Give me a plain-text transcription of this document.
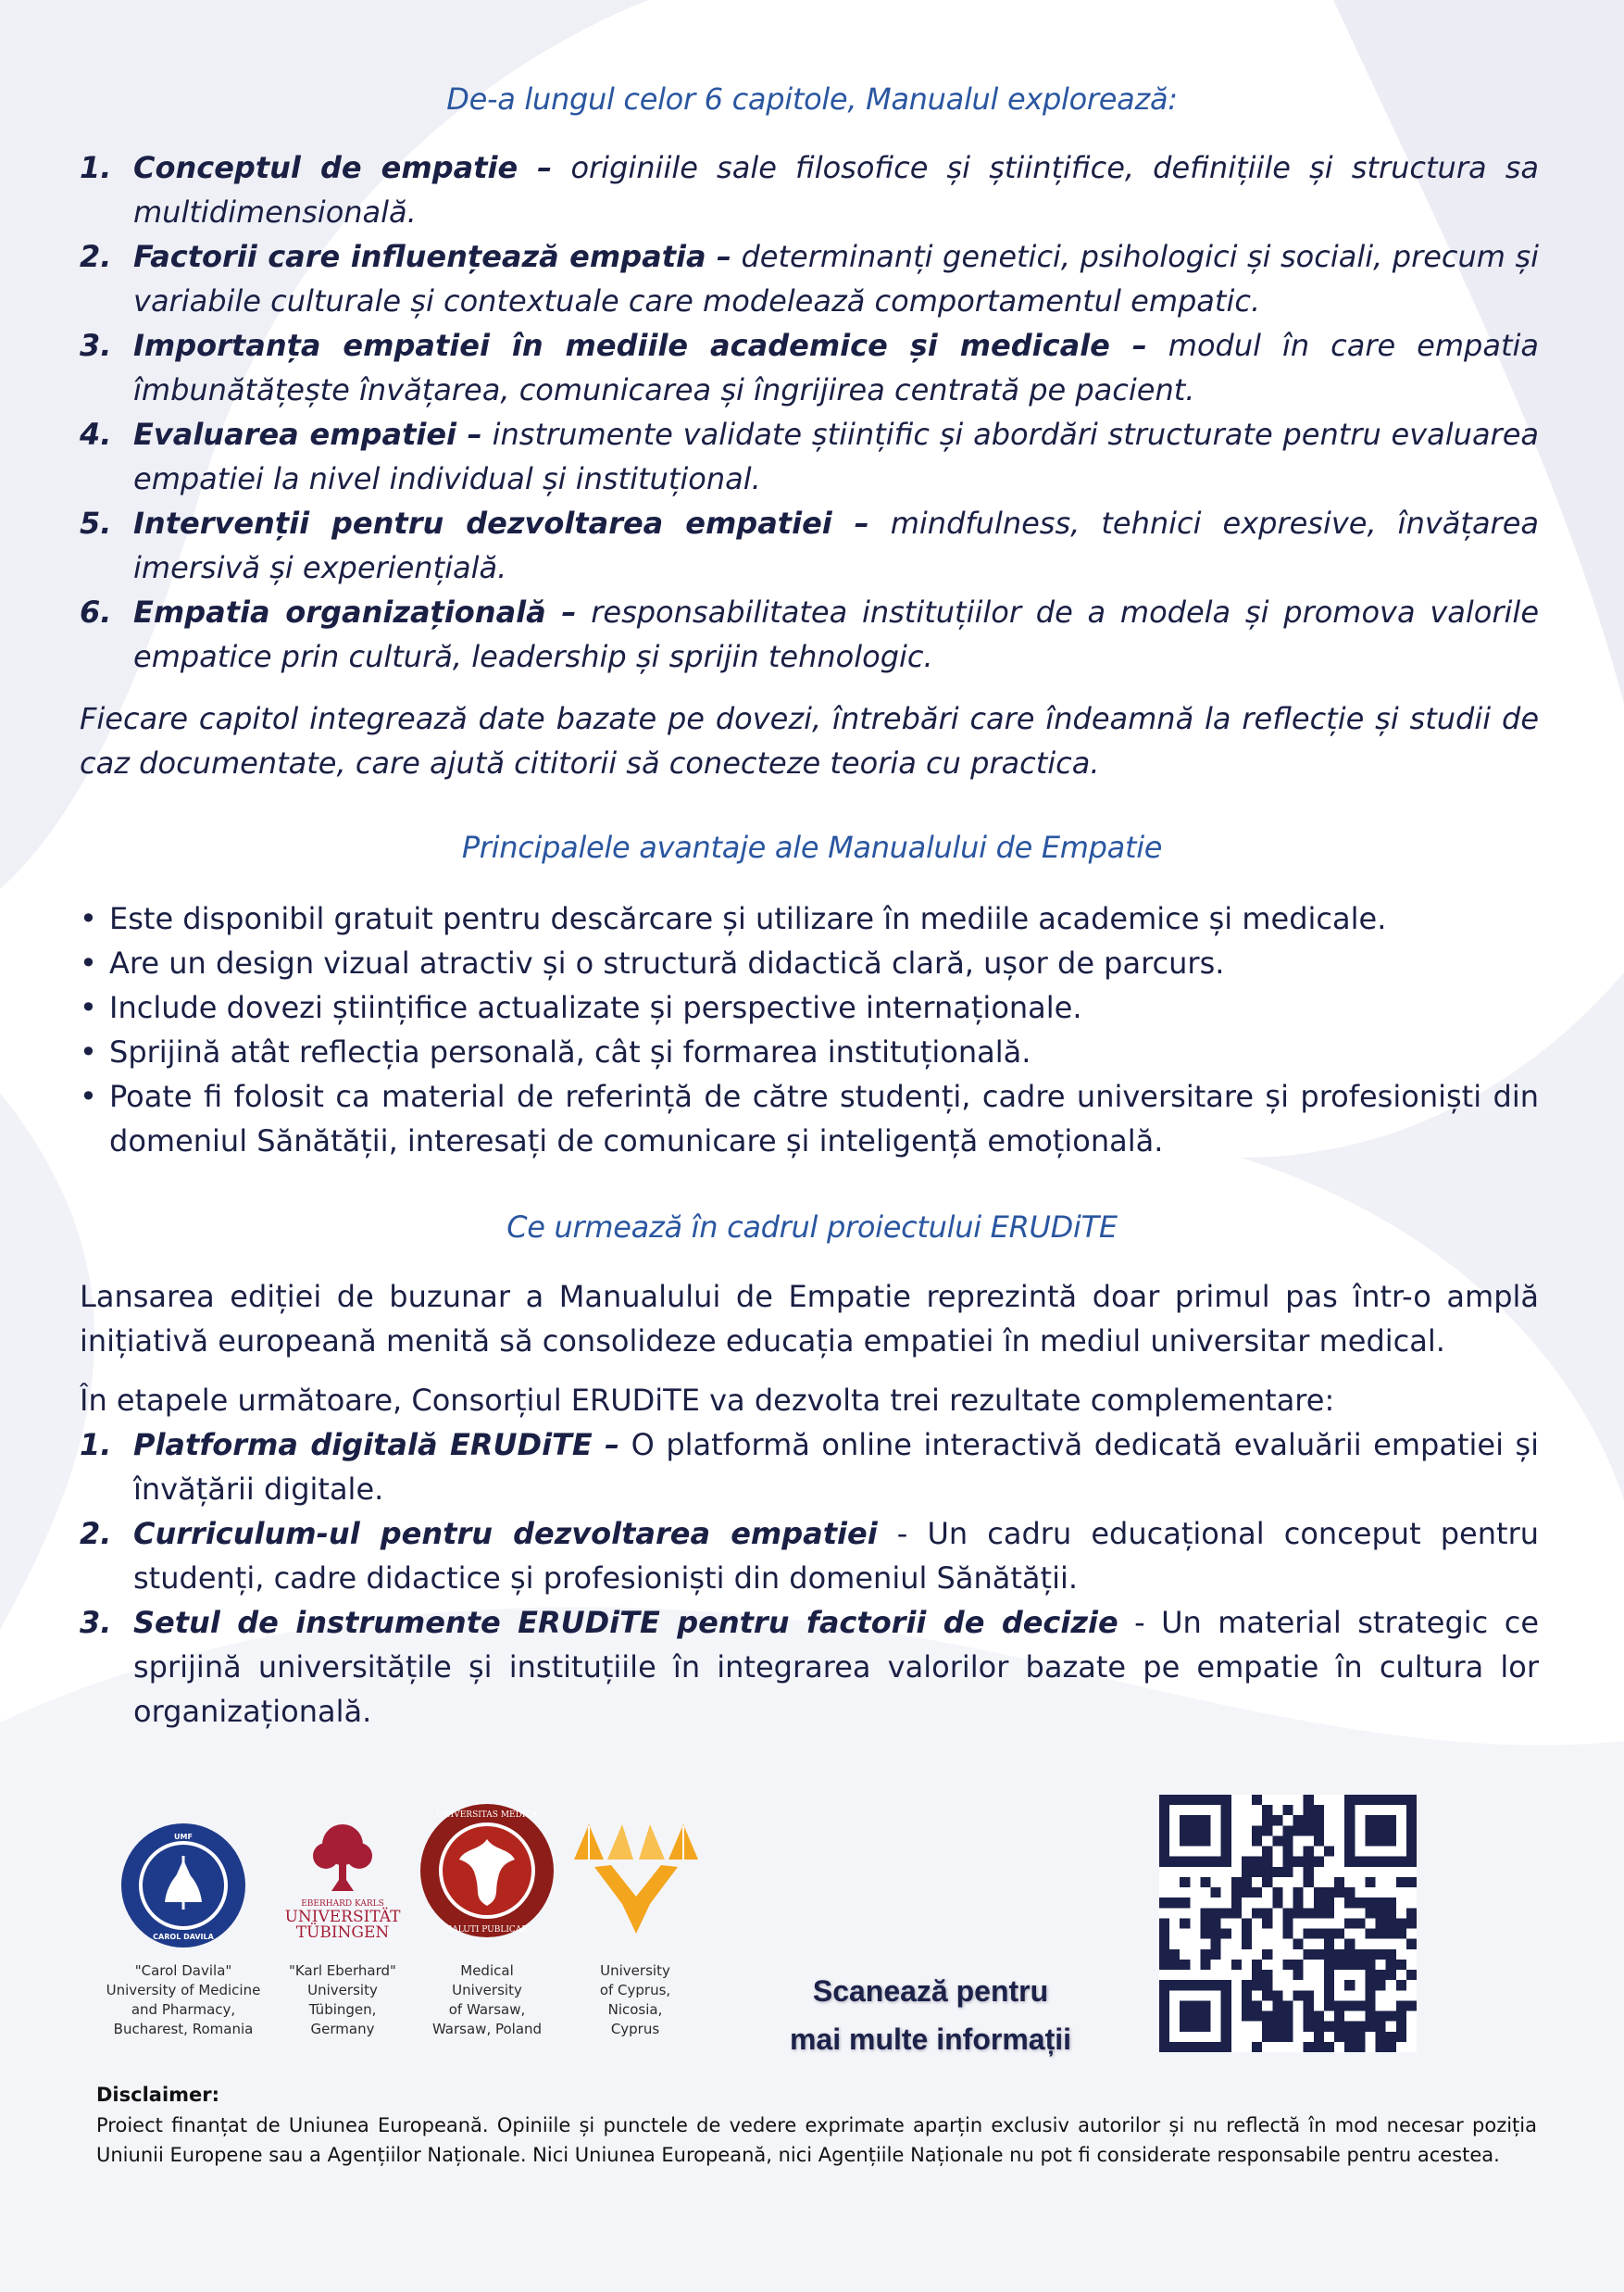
De-a lungul celor 6 capitole, Manualul explorează:
1. Conceptul de empatie – originiile sale filosofice și științifice, definițiile și structura sa multidimensională.
2. Factorii care influențează empatia – determinanți genetici, psihologici și sociali, precum și variabile culturale și contextuale care modelează comportamentul empatic.
3. Importanța empatiei în mediile academice și medicale – modul în care empatia îmbunătățește învățarea, comunicarea și îngrijirea centrată pe pacient.
4. Evaluarea empatiei – instrumente validate științific și abordări structurate pentru evaluarea empatiei la nivel individual și instituțional.
5. Intervenții pentru dezvoltarea empatiei – mindfulness, tehnici expresive, învățarea imersivă și experiențială.
6. Empatia organizațională – responsabilitatea instituțiilor de a modela și promova valorile empatice prin cultură, leadership și sprijin tehnologic.

Fiecare capitol integrează date bazate pe dovezi, întrebări care îndeamnă la reflecție și studii de caz documentate, care ajută cititorii să conecteze teoria cu practica.

Principalele avantaje ale Manualului de Empatie
• Este disponibil gratuit pentru descărcare și utilizare în mediile academice și medicale.
• Are un design vizual atractiv și o structură didactică clară, ușor de parcurs.
• Include dovezi științifice actualizate și perspective internaționale.
• Sprijină atât reflecția personală, cât și formarea instituțională.
• Poate fi folosit ca material de referință de către studenți, cadre universitare și profesioniști din domeniul Sănătății, interesați de comunicare și inteligență emoțională.
Ce urmează în cadrul proiectului ERUDiTE

Lansarea ediției de buzunar a Manualului de Empatie reprezintă doar primul pas într-o amplă inițiativă europeană menită să consolideze educația empatiei în mediul universitar medical.

În etapele următoare, Consorțiul ERUDiTE va dezvolta trei rezultate complementare:

1. Platforma digitală ERUDiTE – O platformă online interactivă dedicată evaluării empatiei și învățării digitale.
2. Curriculum-ul pentru dezvoltarea empatiei - Un cadru educațional conceput pentru studenți, cadre didactice și profesioniști din domeniul Sănătății.
3. Setul de instrumente ERUDiTE pentru factorii de decizie - Un material strategic ce sprijină universitățile și instituțiile în integrarea valorilor bazate pe empatie în cultura lor organizațională.
UMF
CAROL DAVILA
"Carol Davila"
University of Medicine
and Pharmacy,
Bucharest, Romania
EBERHARD KARLS
UNIVERSITÄT
TÜBINGEN
"Karl Eberhard"
University
Tübingen,
Germany
UNIVERSITAS MEDICA
SALUTI PUBLICAE
Medical
University
of Warsaw,
Warsaw, Poland
University
of Cyprus,
Nicosia,
Cyprus
Scanează pentru
mai multe informații
Disclaimer:

Proiect finanțat de Uniunea Europeană. Opiniile și punctele de vedere exprimate aparțin exclusiv autorilor și nu reflectă în mod necesar poziția Uniunii Europene sau a Agențiilor Naționale. Nici Uniunea Europeană, nici Agențiile Naționale nu pot fi considerate responsabile pentru acestea.
